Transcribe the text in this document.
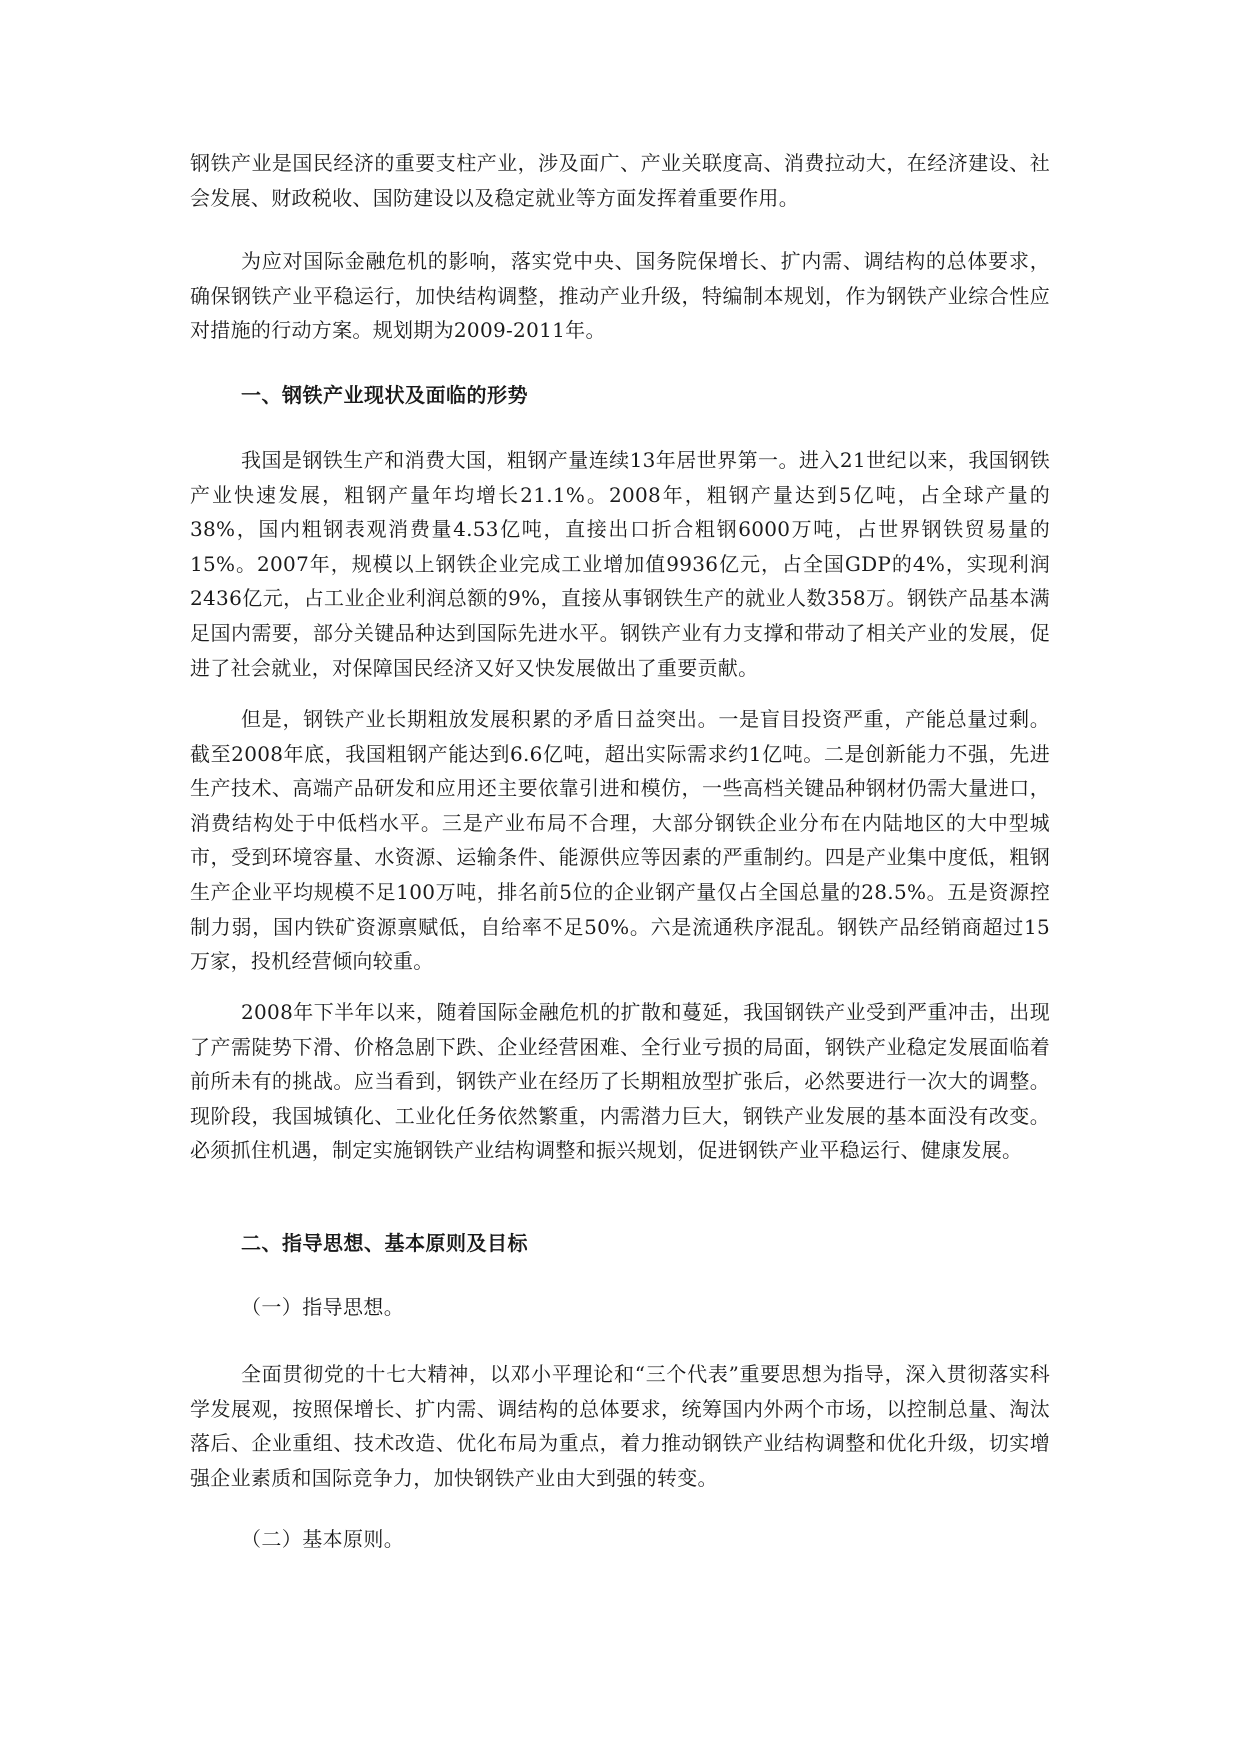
钢铁产业是国民经济的重要支柱产业，涉及面广、产业关联度高、消费拉动大，在经济建设、社会发展、财政税收、国防建设以及稳定就业等方面发挥着重要作用。

为应对国际金融危机的影响，落实党中央、国务院保增长、扩内需、调结构的总体要求，确保钢铁产业平稳运行，加快结构调整，推动产业升级，特编制本规划，作为钢铁产业综合性应对措施的行动方案。规划期为2009-2011年。

一、钢铁产业现状及面临的形势

我国是钢铁生产和消费大国，粗钢产量连续13年居世界第一。进入21世纪以来，我国钢铁产业快速发展，粗钢产量年均增长21.1%。2008年，粗钢产量达到5亿吨，占全球产量的38%，国内粗钢表观消费量4.53亿吨，直接出口折合粗钢6000万吨，占世界钢铁贸易量的15%。2007年，规模以上钢铁企业完成工业增加值9936亿元，占全国GDP的4%，实现利润2436亿元，占工业企业利润总额的9%，直接从事钢铁生产的就业人数358万。钢铁产品基本满足国内需要，部分关键品种达到国际先进水平。钢铁产业有力支撑和带动了相关产业的发展，促进了社会就业，对保障国民经济又好又快发展做出了重要贡献。

但是，钢铁产业长期粗放发展积累的矛盾日益突出。一是盲目投资严重，产能总量过剩。截至2008年底，我国粗钢产能达到6.6亿吨，超出实际需求约1亿吨。二是创新能力不强，先进生产技术、高端产品研发和应用还主要依靠引进和模仿，一些高档关键品种钢材仍需大量进口，消费结构处于中低档水平。三是产业布局不合理，大部分钢铁企业分布在内陆地区的大中型城市，受到环境容量、水资源、运输条件、能源供应等因素的严重制约。四是产业集中度低，粗钢生产企业平均规模不足100万吨，排名前5位的企业钢产量仅占全国总量的28.5%。五是资源控制力弱，国内铁矿资源禀赋低，自给率不足50%。六是流通秩序混乱。钢铁产品经销商超过15万家，投机经营倾向较重。

2008年下半年以来，随着国际金融危机的扩散和蔓延，我国钢铁产业受到严重冲击，出现了产需陡势下滑、价格急剧下跌、企业经营困难、全行业亏损的局面，钢铁产业稳定发展面临着前所未有的挑战。应当看到，钢铁产业在经历了长期粗放型扩张后，必然要进行一次大的调整。现阶段，我国城镇化、工业化任务依然繁重，内需潜力巨大，钢铁产业发展的基本面没有改变。必须抓住机遇，制定实施钢铁产业结构调整和振兴规划，促进钢铁产业平稳运行、健康发展。

二、指导思想、基本原则及目标

（一）指导思想。

全面贯彻党的十七大精神，以邓小平理论和“三个代表”重要思想为指导，深入贯彻落实科学发展观，按照保增长、扩内需、调结构的总体要求，统筹国内外两个市场，以控制总量、淘汰落后、企业重组、技术改造、优化布局为重点，着力推动钢铁产业结构调整和优化升级，切实增强企业素质和国际竞争力，加快钢铁产业由大到强的转变。

（二）基本原则。
